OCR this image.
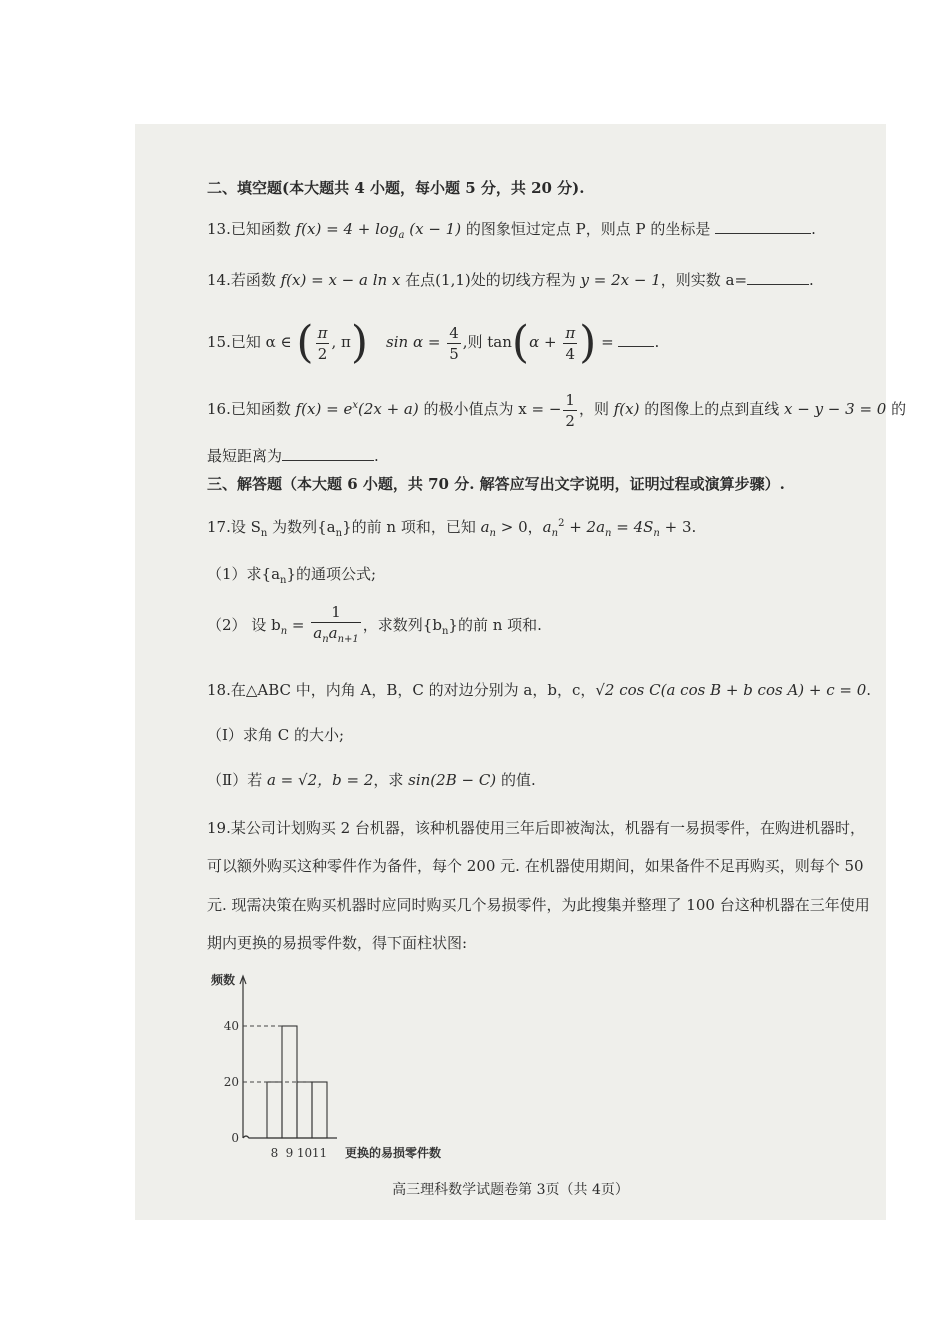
二、填空题(本大题共 4 小题，每小题 5 分，共 20 分).
13.已知函数 $f(x) = 4 + \log_a (x - 1)$ 的图象恒过定点 P，则点 P 的坐标是	.
14.若函数 f(x) = x − a ln x 在点(1,1)处的切线方程为 y = 2x − 1，则实数 a=	.
15.已知 α ∈ ( $\frac{\pi}{2}$ , π) $\sin \alpha = \frac{4}{5}$ ,则 $\tan(\alpha + \frac{\pi}{4}$ ) = .
16.已知函数 $f(x) = e^x(2x + a)$ 的极小值点为 x = − $\frac{1}{2}$ ，则 f(x) 的图像上的点到直线 x − y − 3 = 0 的
最短距离为	.
三、解答题（本大题 6 小题，共 70 分. 解答应写出文字说明，证明过程或演算步骤）.
17.设 $S_n$ 为数列$\{a_n\}$的前 n 项和，已知 $a_n > 0$，$a_n^2 + 2a_n = 4S_n + 3$.
（1）求$\{a_n\}$的通项公式;
（2） 设 $b_n = \frac{1}{a_na_{n+1}}$ ，求数列$\{b_n\}$的前 n 项和.
18.在△ABC 中，内角 A，B，C 的对边分别为 a，b，c，√2 cos C(a cos B + b cos A) + c = 0.
（Ⅰ）求角 C 的大小;
（Ⅱ）若 a = √2，b = 2，求 sin(2B − C) 的值.
19.某公司计划购买 2 台机器，该种机器使用三年后即被淘汰，机器有一易损零件，在购进机器时，
可以额外购买这种零件作为备件，每个 200 元. 在机器使用期间，如果备件不足再购买，则每个 50
元. 现需决策在购买机器时应同时购买几个易损零件，为此搜集并整理了 100 台这种机器在三年使用
期内更换的易损零件数，得下面柱状图:
0
20
40
8 9 10 11
频数
更换的易损零件数
高三理科数学试题卷第 3页（共 4页）
